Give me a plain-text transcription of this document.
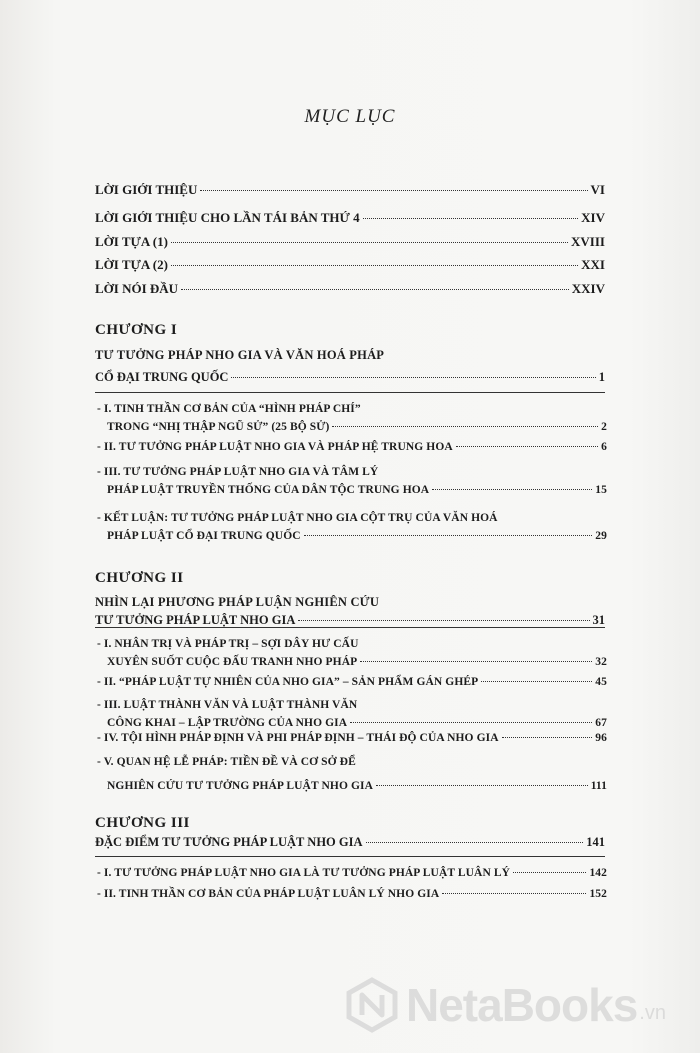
MỤC LỤC
LỜI GIỚI THIỆU	VI
LỜI GIỚI THIỆU CHO LẦN TÁI BẢN THỨ 4	XIV
LỜI TỰA (1)	XVIII
LỜI TỰA (2)	XXI
LỜI NÓI ĐẦU	XXIV
CHƯƠNG I
TƯ TƯỞNG PHÁP NHO GIA VÀ VĂN HOÁ PHÁP
CỔ ĐẠI TRUNG QUỐC	1
- I. TINH THẦN CƠ BẢN CỦA “HÌNH PHÁP CHÍ”
TRONG “NHỊ THẬP NGŨ SỬ” (25 BỘ SỬ)	2
- II. TƯ TƯỞNG PHÁP LUẬT NHO GIA VÀ PHÁP HỆ TRUNG HOA	6
- III. TƯ TƯỞNG PHÁP LUẬT NHO GIA VÀ TÂM LÝ
PHÁP LUẬT TRUYỀN THỐNG CỦA DÂN TỘC TRUNG HOA	15
- KẾT LUẬN: TƯ TƯỞNG PHÁP LUẬT NHO GIA CỘT TRỤ CỦA VĂN HOÁ
PHÁP LUẬT CỔ ĐẠI TRUNG QUỐC	29
CHƯƠNG II
NHÌN LẠI PHƯƠNG PHÁP LUẬN NGHIÊN CỨU
TƯ TƯỞNG PHÁP LUẬT NHO GIA	31
- I. NHÂN TRỊ VÀ PHÁP TRỊ – SỢI DÂY HƯ CẤU
XUYÊN SUỐT CUỘC ĐẤU TRANH NHO PHÁP	32
- II. “PHÁP LUẬT TỰ NHIÊN CỦA NHO GIA” – SẢN PHẨM GÁN GHÉP	45
- III. LUẬT THÀNH VĂN VÀ LUẬT THÀNH VĂN
CÔNG KHAI – LẬP TRƯỜNG CỦA NHO GIA	67
- IV. TỘI HÌNH PHÁP ĐỊNH VÀ PHI PHÁP ĐỊNH – THÁI ĐỘ CỦA NHO GIA	96
- V. QUAN HỆ LỄ PHÁP: TIỀN ĐỀ VÀ CƠ SỞ ĐỂ
NGHIÊN CỨU TƯ TƯỞNG PHÁP LUẬT NHO GIA	111
CHƯƠNG III
ĐẶC ĐIỂM TƯ TƯỞNG PHÁP LUẬT NHO GIA	141
- I. TƯ TƯỞNG PHÁP LUẬT NHO GIA LÀ TƯ TƯỞNG PHÁP LUẬT LUÂN LÝ	142
- II. TINH THẦN CƠ BẢN CỦA PHÁP LUẬT LUÂN LÝ NHO GIA	152
NetaBooks .vn
